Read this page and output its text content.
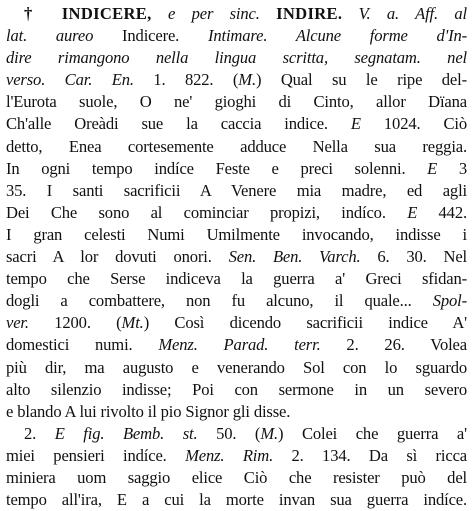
† INDICERE, e per sinc. INDIRE. V. a. Aff. al
lat. aureo Indicere. Intimare. Alcune forme d'In-
dire rimangono nella lingua scritta, segnatam. nel
verso. Car. En. 1. 822. (M.) Qual su le ripe del-
l'Eurota suole, O ne' gioghi di Cinto, allor Dïana
Ch'alle Oreàdi sue la caccia indice. E 1024. Ciò
detto, Enea cortesemente adduce Nella sua reggia.
In ogni tempo indíce Feste e preci solenni. E 3
35. I santi sacrificii A Venere mia madre, ed agli
Dei Che sono al cominciar propizi, indíco. E 442.
I gran celesti Numi Umilmente invocando, indisse i
sacri A lor dovuti onori. Sen. Ben. Varch. 6. 30. Nel
tempo che Serse indiceva la guerra a' Greci sfidan-
dogli a combattere, non fu alcuno, il quale... Spol-
ver. 1200. (Mt.) Così dicendo sacrificii indice A'
domestici numi. Menz. Parad. terr. 2. 26. Volea
più dir, ma augusto e venerando Sol con lo sguardo
alto silenzio indisse; Poi con sermone in un severo
e blando A lui rivolto il pio Signor gli disse.
2. E fig. Bemb. st. 50. (M.) Colei che guerra a'
miei pensieri indíce. Menz. Rim. 2. 134. Da sì ricca
miniera uom saggio elice Ciò che resister può del
tempo all'ira, E a cui la morte invan sua guerra indíce.
